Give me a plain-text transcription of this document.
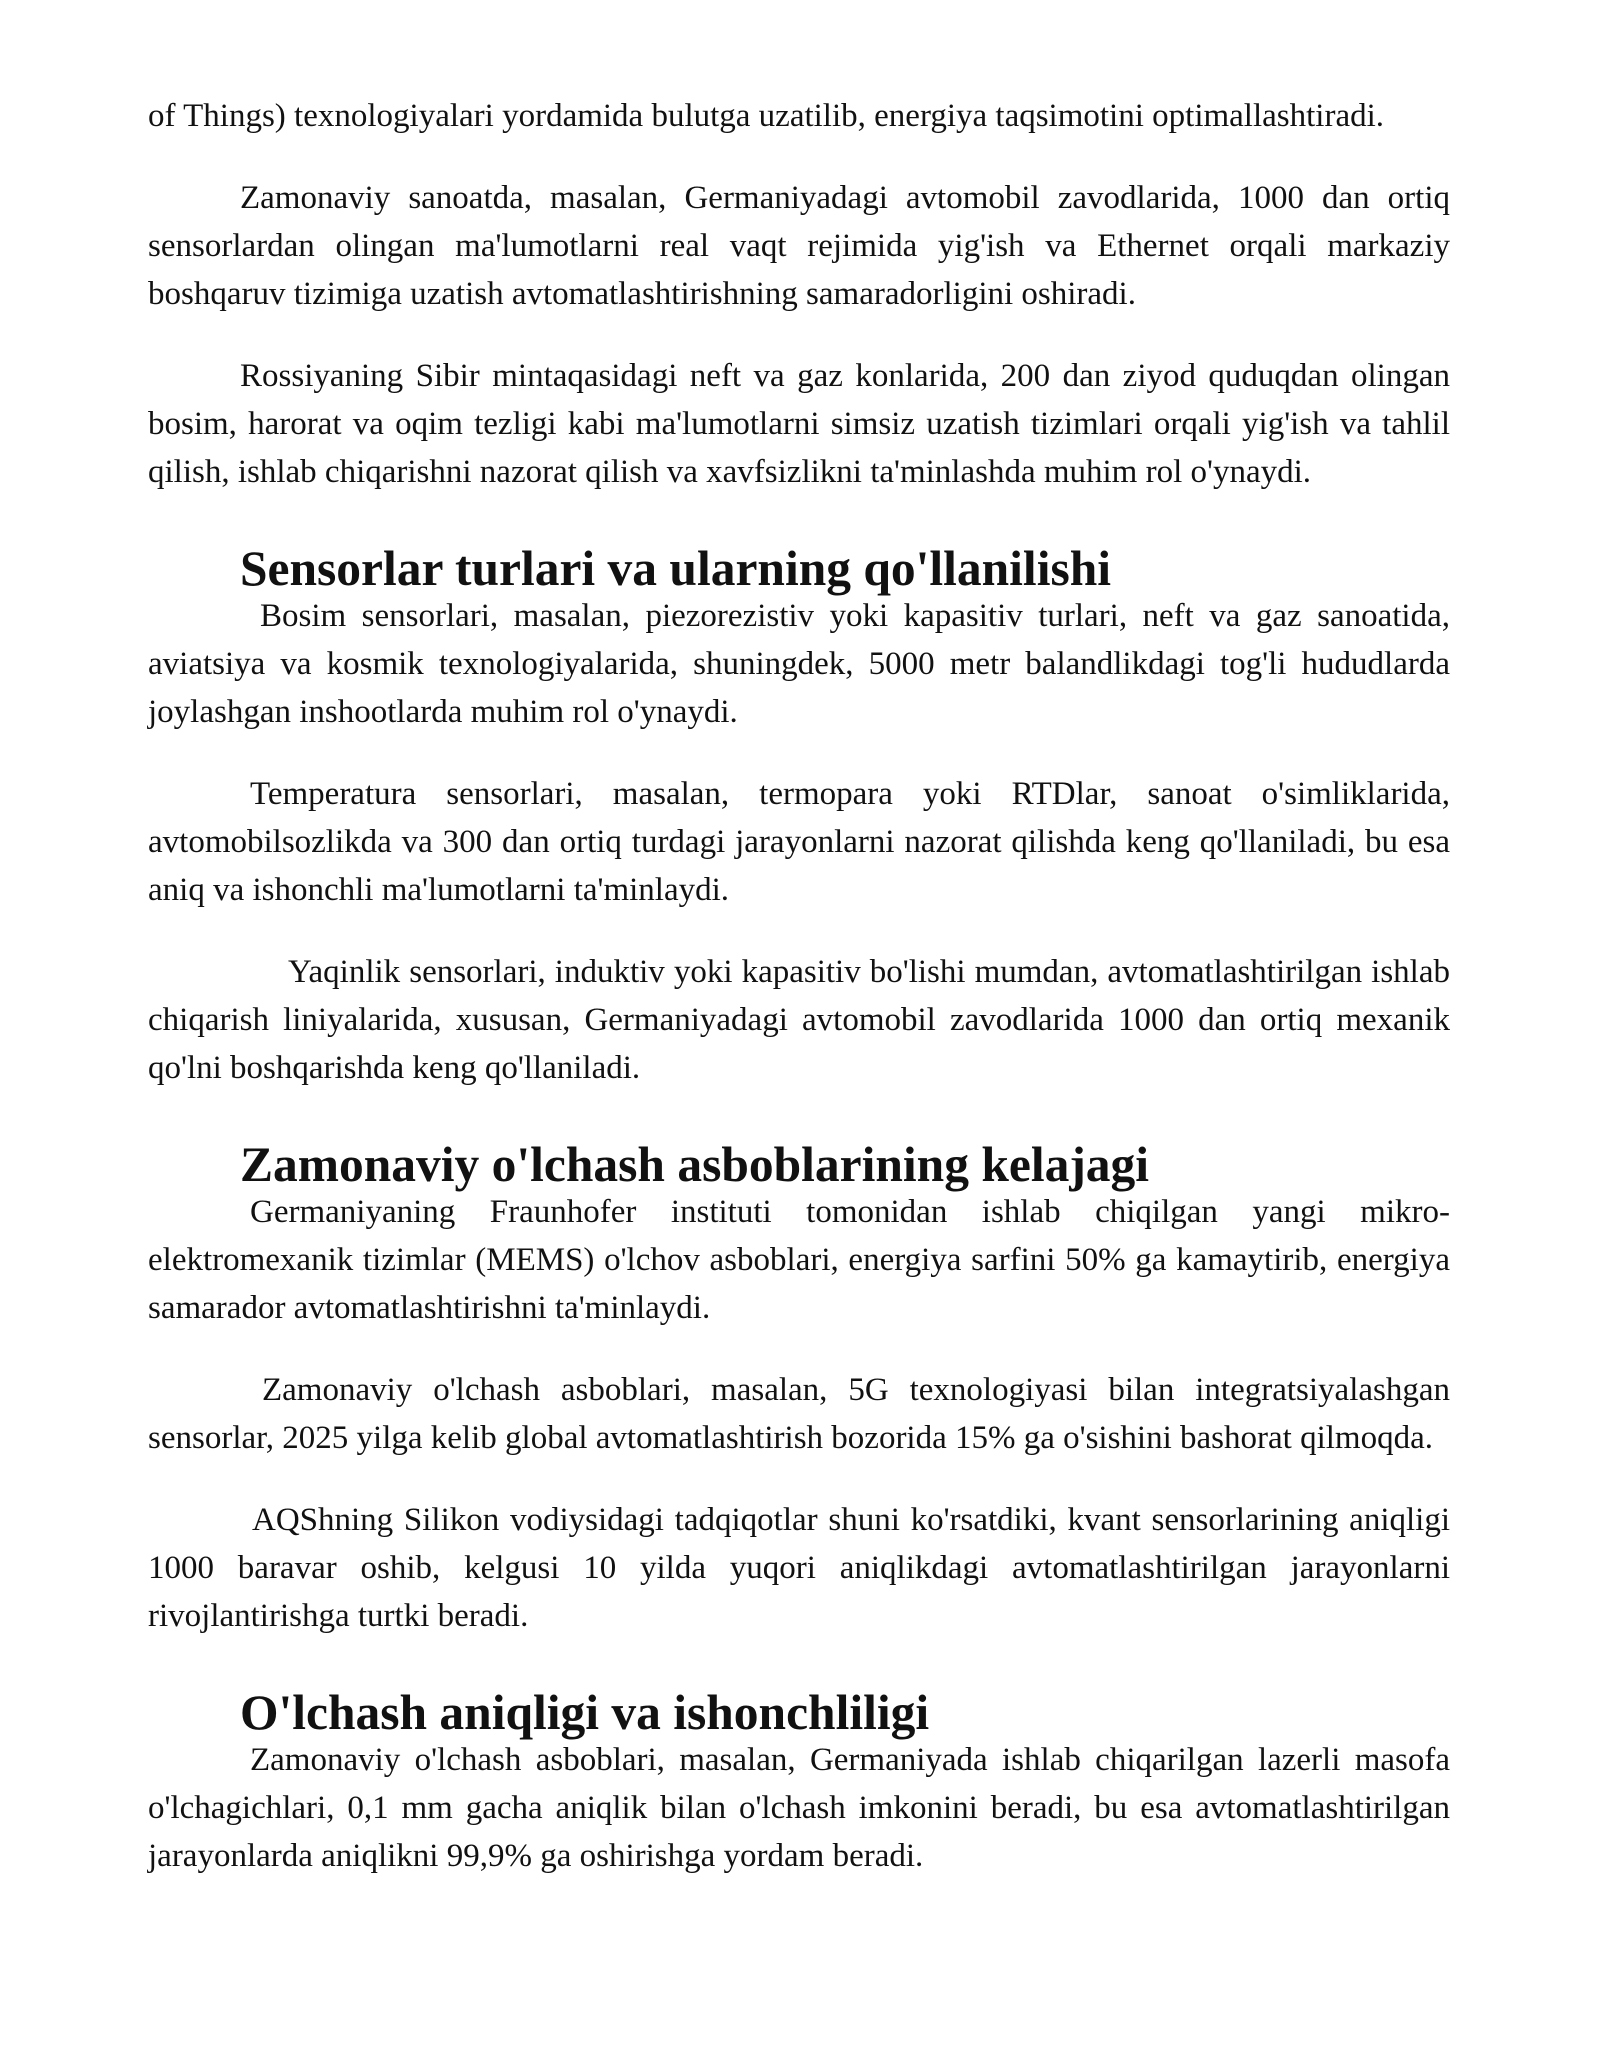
of Things) texnologiyalari yordamida bulutga uzatilib, energiya taqsimotini optimallashtiradi.

Zamonaviy sanoatda, masalan, Germaniyadagi avtomobil zavodlarida, 1000 dan ortiq sensorlardan olingan ma'lumotlarni real vaqt rejimida yig'ish va Ethernet orqali markaziy boshqaruv tizimiga uzatish avtomatlashtirishning samaradorligini oshiradi.

Rossiyaning Sibir mintaqasidagi neft va gaz konlarida, 200 dan ziyod quduqdan olingan bosim, harorat va oqim tezligi kabi ma'lumotlarni simsiz uzatish tizimlari orqali yig'ish va tahlil qilish, ishlab chiqarishni nazorat qilish va xavfsizlikni ta'minlashda muhim rol o'ynaydi.

Sensorlar turlari va ularning qo'llanilishi

Bosim sensorlari, masalan, piezorezistiv yoki kapasitiv turlari, neft va gaz sanoatida, aviatsiya va kosmik texnologiyalarida, shuningdek, 5000 metr balandlikdagi tog'li hududlarda joylashgan inshootlarda muhim rol o'ynaydi.

Temperatura sensorlari, masalan, termopara yoki RTDlar, sanoat o'simliklarida, avtomobilsozlikda va 300 dan ortiq turdagi jarayonlarni nazorat qilishda keng qo'llaniladi, bu esa aniq va ishonchli ma'lumotlarni ta'minlaydi.

Yaqinlik sensorlari, induktiv yoki kapasitiv bo'lishi mumdan, avtomatlashtirilgan ishlab chiqarish liniyalarida, xususan, Germaniyadagi avtomobil zavodlarida 1000 dan ortiq mexanik qo'lni boshqarishda keng qo'llaniladi.

Zamonaviy o'lchash asboblarining kelajagi

Germaniyaning Fraunhofer instituti tomonidan ishlab chiqilgan yangi mikro-elektromexanik tizimlar (MEMS) o'lchov asboblari, energiya sarfini 50% ga kamaytirib, energiya samarador avtomatlashtirishni ta'minlaydi.

Zamonaviy o'lchash asboblari, masalan, 5G texnologiyasi bilan integratsiyalashgan sensorlar, 2025 yilga kelib global avtomatlashtirish bozorida 15% ga o'sishini bashorat qilmoqda.

AQShning Silikon vodiysidagi tadqiqotlar shuni ko'rsatdiki, kvant sensorlarining aniqligi 1000 baravar oshib, kelgusi 10 yilda yuqori aniqlikdagi avtomatlashtirilgan jarayonlarni rivojlantirishga turtki beradi.

O'lchash aniqligi va ishonchliligi

Zamonaviy o'lchash asboblari, masalan, Germaniyada ishlab chiqarilgan lazerli masofa o'lchagichlari, 0,1 mm gacha aniqlik bilan o'lchash imkonini beradi, bu esa avtomatlashtirilgan jarayonlarda aniqlikni 99,9% ga oshirishga yordam beradi.
